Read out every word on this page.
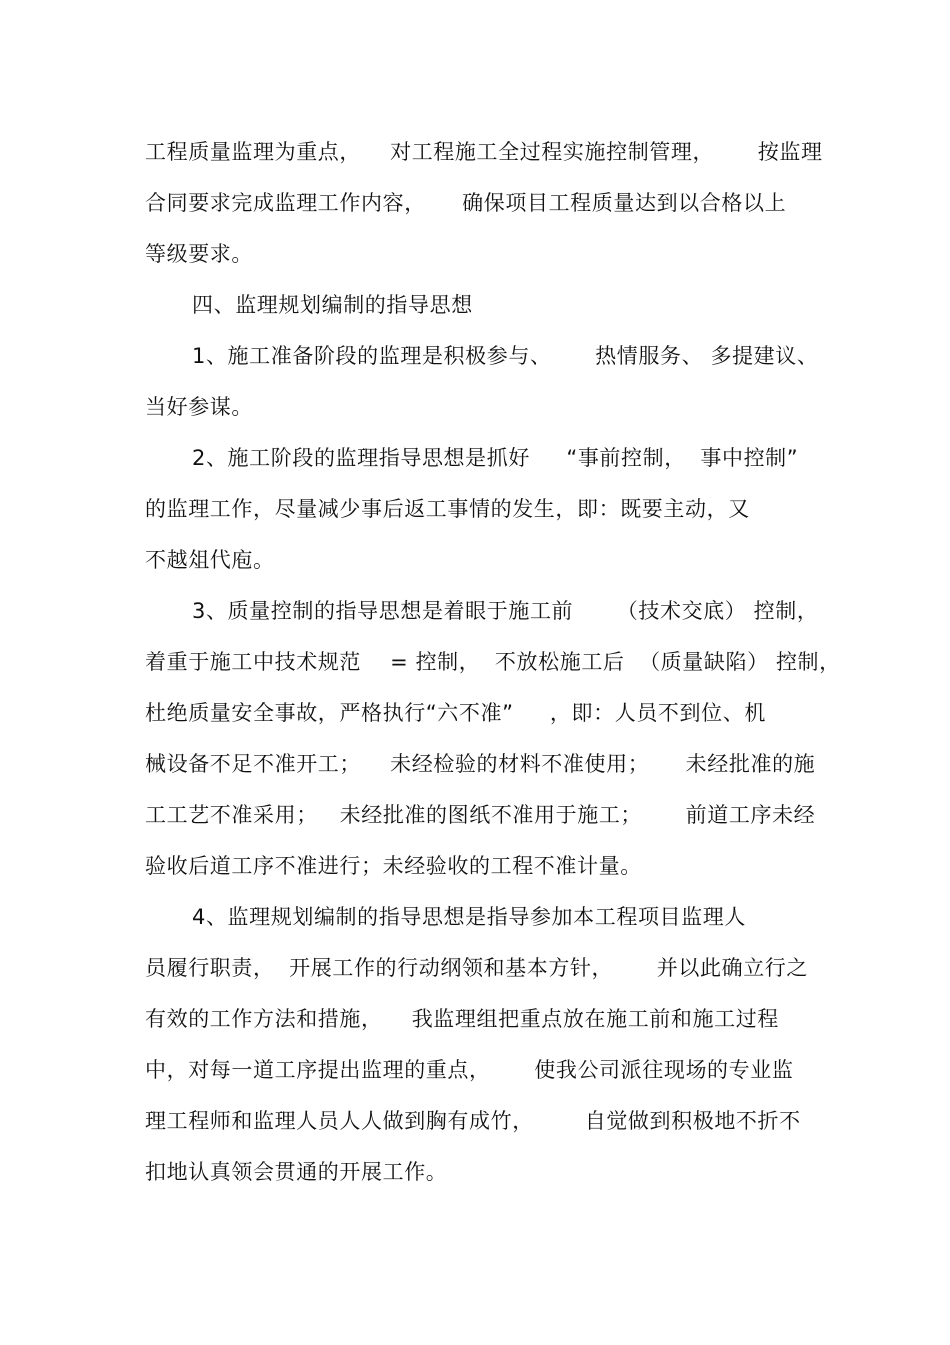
工程质量监理为重点，    对工程施工全过程实施控制管理，      按监理
合同要求完成监理工作内容，     确保项目工程质量达到以合格以上
等级要求。
四、监理规划编制的指导思想
1、施工准备阶段的监理是积极参与、      热情服务、 多提建议、
当好参谋。
2、施工阶段的监理指导思想是抓好     “事前控制，  事中控制”
的监理工作，尽量减少事后返工事情的发生，即：既要主动，又
不越俎代庖。
3、质量控制的指导思想是着眼于施工前      （技术交底） 控制，
着重于施工中技术规范    = 控制，  不放松施工后  （质量缺陷） 控制，
杜绝质量安全事故，严格执行“六不准”     ，即：人员不到位、机
械设备不足不准开工；    未经检验的材料不准使用；     未经批准的施
工工艺不准采用；   未经批准的图纸不准用于施工；      前道工序未经
验收后道工序不准进行；未经验收的工程不准计量。
4、监理规划编制的指导思想是指导参加本工程项目监理人
员履行职责，  开展工作的行动纲领和基本方针，      并以此确立行之
有效的工作方法和措施，    我监理组把重点放在施工前和施工过程
中，对每一道工序提出监理的重点，      使我公司派往现场的专业监
理工程师和监理人员人人做到胸有成竹，       自觉做到积极地不折不
扣地认真领会贯通的开展工作。
